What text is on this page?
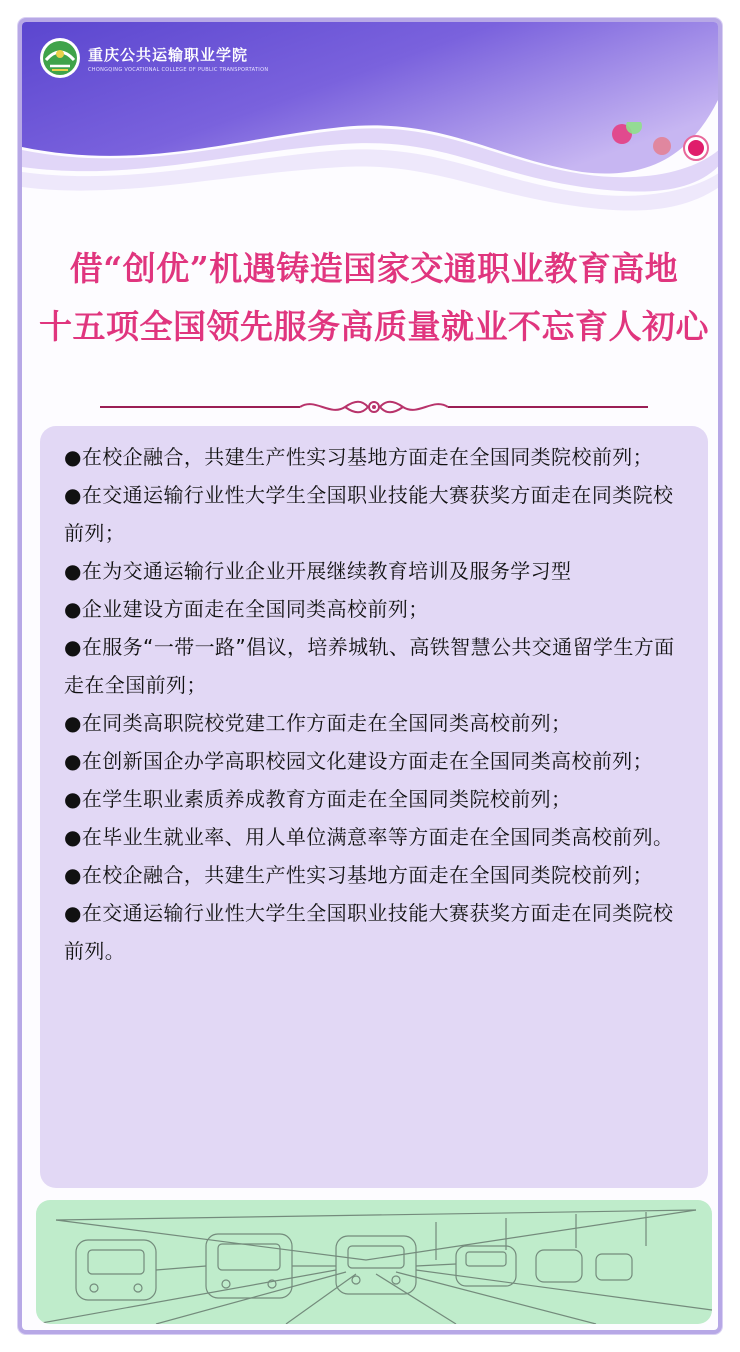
重庆公共运输职业学院
CHONGQING VOCATIONAL COLLEGE OF PUBLIC TRANSPORTATION
借“创优”机遇铸造国家交通职业教育高地
十五项全国领先服务高质量就业不忘育人初心

●在校企融合，共建生产性实习基地方面走在全国同类院校前列；

●在交通运输行业性大学生全国职业技能大赛获奖方面走在同类院校前列；

●在为交通运输行业企业开展继续教育培训及服务学习型

●企业建设方面走在全国同类高校前列；

●在服务“一带一路”倡议，培养城轨、高铁智慧公共交通留学生方面走在全国前列；

●在同类高职院校党建工作方面走在全国同类高校前列；

●在创新国企办学高职校园文化建设方面走在全国同类高校前列；

●在学生职业素质养成教育方面走在全国同类院校前列；

●在毕业生就业率、用人单位满意率等方面走在全国同类高校前列。

●在校企融合，共建生产性实习基地方面走在全国同类院校前列；

●在交通运输行业性大学生全国职业技能大赛获奖方面走在同类院校前列。
